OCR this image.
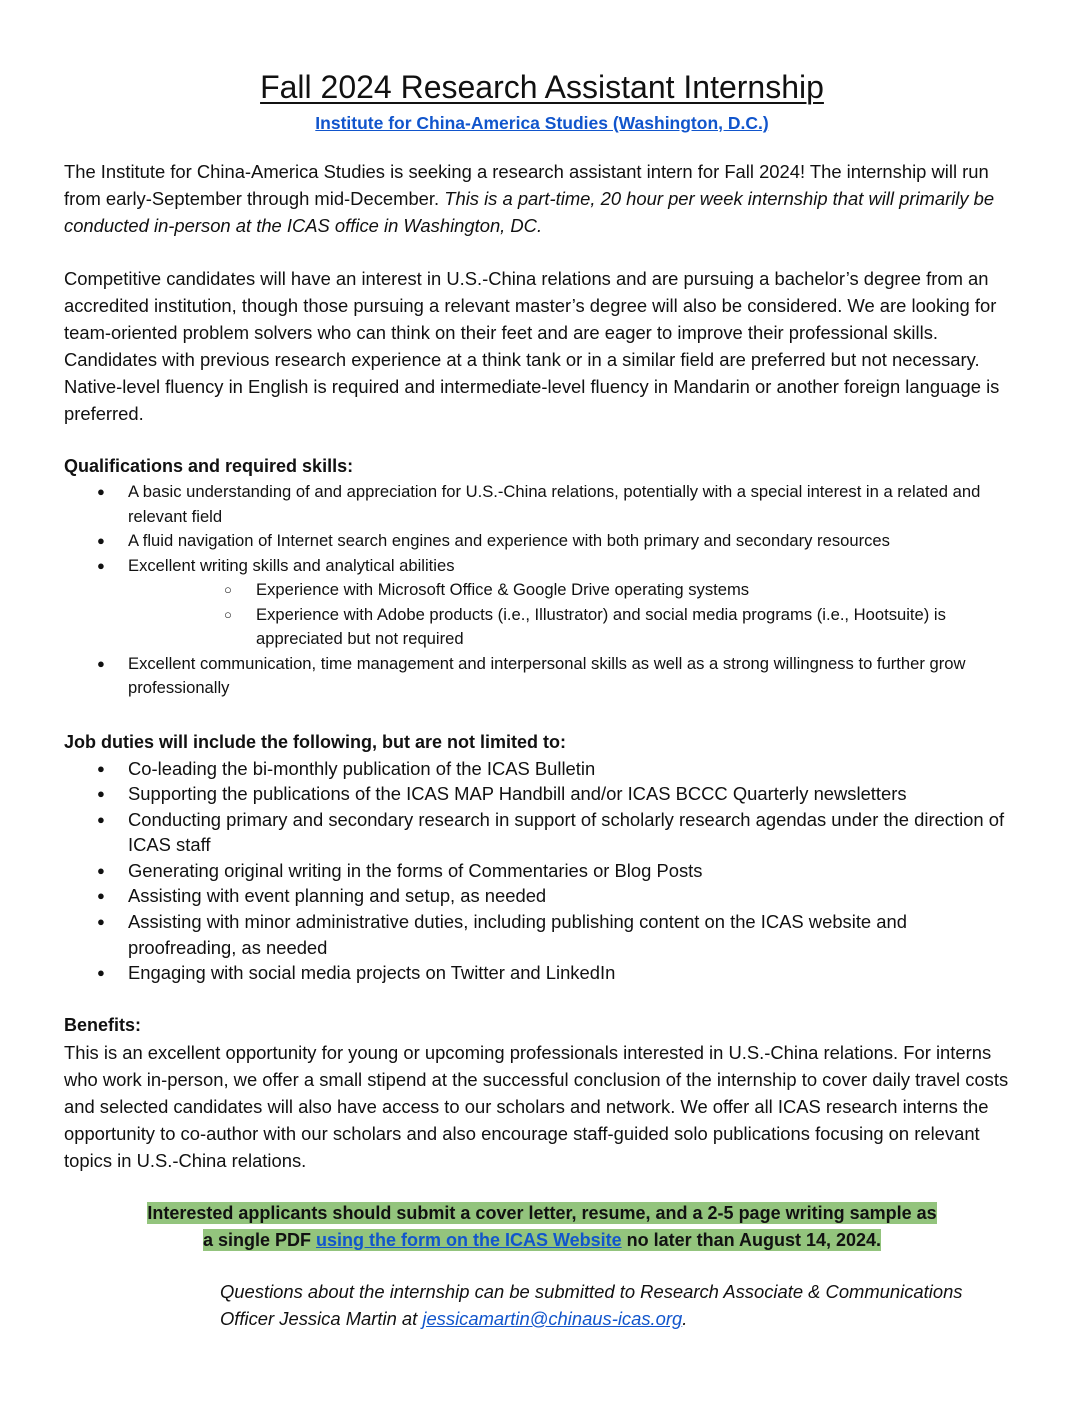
Fall 2024 Research Assistant Internship

Institute for China-America Studies (Washington, D.C.)

The Institute for China-America Studies is seeking a research assistant intern for Fall 2024! The internship will run from early-September through mid-December. This is a part-time, 20 hour per week internship that will primarily be conducted in-person at the ICAS office in Washington, DC.

Competitive candidates will have an interest in U.S.-China relations and are pursuing a bachelor’s degree from an accredited institution, though those pursuing a relevant master’s degree will also be considered. We are looking for team-oriented problem solvers who can think on their feet and are eager to improve their professional skills. Candidates with previous research experience at a think tank or in a similar field are preferred but not necessary. Native-level fluency in English is required and intermediate-level fluency in Mandarin or another foreign language is preferred.

Qualifications and required skills:

● A basic understanding of and appreciation for U.S.-China relations, potentially with a special interest in a related and relevant field
● A fluid navigation of Internet search engines and experience with both primary and secondary resources
● Excellent writing skills and analytical abilities
○ Experience with Microsoft Office & Google Drive operating systems
○ Experience with Adobe products (i.e., Illustrator) and social media programs (i.e., Hootsuite) is appreciated but not required
● Excellent communication, time management and interpersonal skills as well as a strong willingness to further grow professionally

Job duties will include the following, but are not limited to:

● Co-leading the bi-monthly publication of the ICAS Bulletin
● Supporting the publications of the ICAS MAP Handbill and/or ICAS BCCC Quarterly newsletters
● Conducting primary and secondary research in support of scholarly research agendas under the direction of ICAS staff
● Generating original writing in the forms of Commentaries or Blog Posts
● Assisting with event planning and setup, as needed
● Assisting with minor administrative duties, including publishing content on the ICAS website and proofreading, as needed
● Engaging with social media projects on Twitter and LinkedIn

Benefits:

This is an excellent opportunity for young or upcoming professionals interested in U.S.-China relations. For interns who work in-person, we offer a small stipend at the successful conclusion of the internship to cover daily travel costs and selected candidates will also have access to our scholars and network. We offer all ICAS research interns the opportunity to co-author with our scholars and also encourage staff-guided solo publications focusing on relevant topics in U.S.-China relations.

Interested applicants should submit a cover letter, resume, and a 2-5 page writing sample as
a single PDF using the form on the ICAS Website no later than August 14, 2024.

Questions about the internship can be submitted to Research Associate & Communications Officer Jessica Martin at jessicamartin@chinaus-icas.org.
